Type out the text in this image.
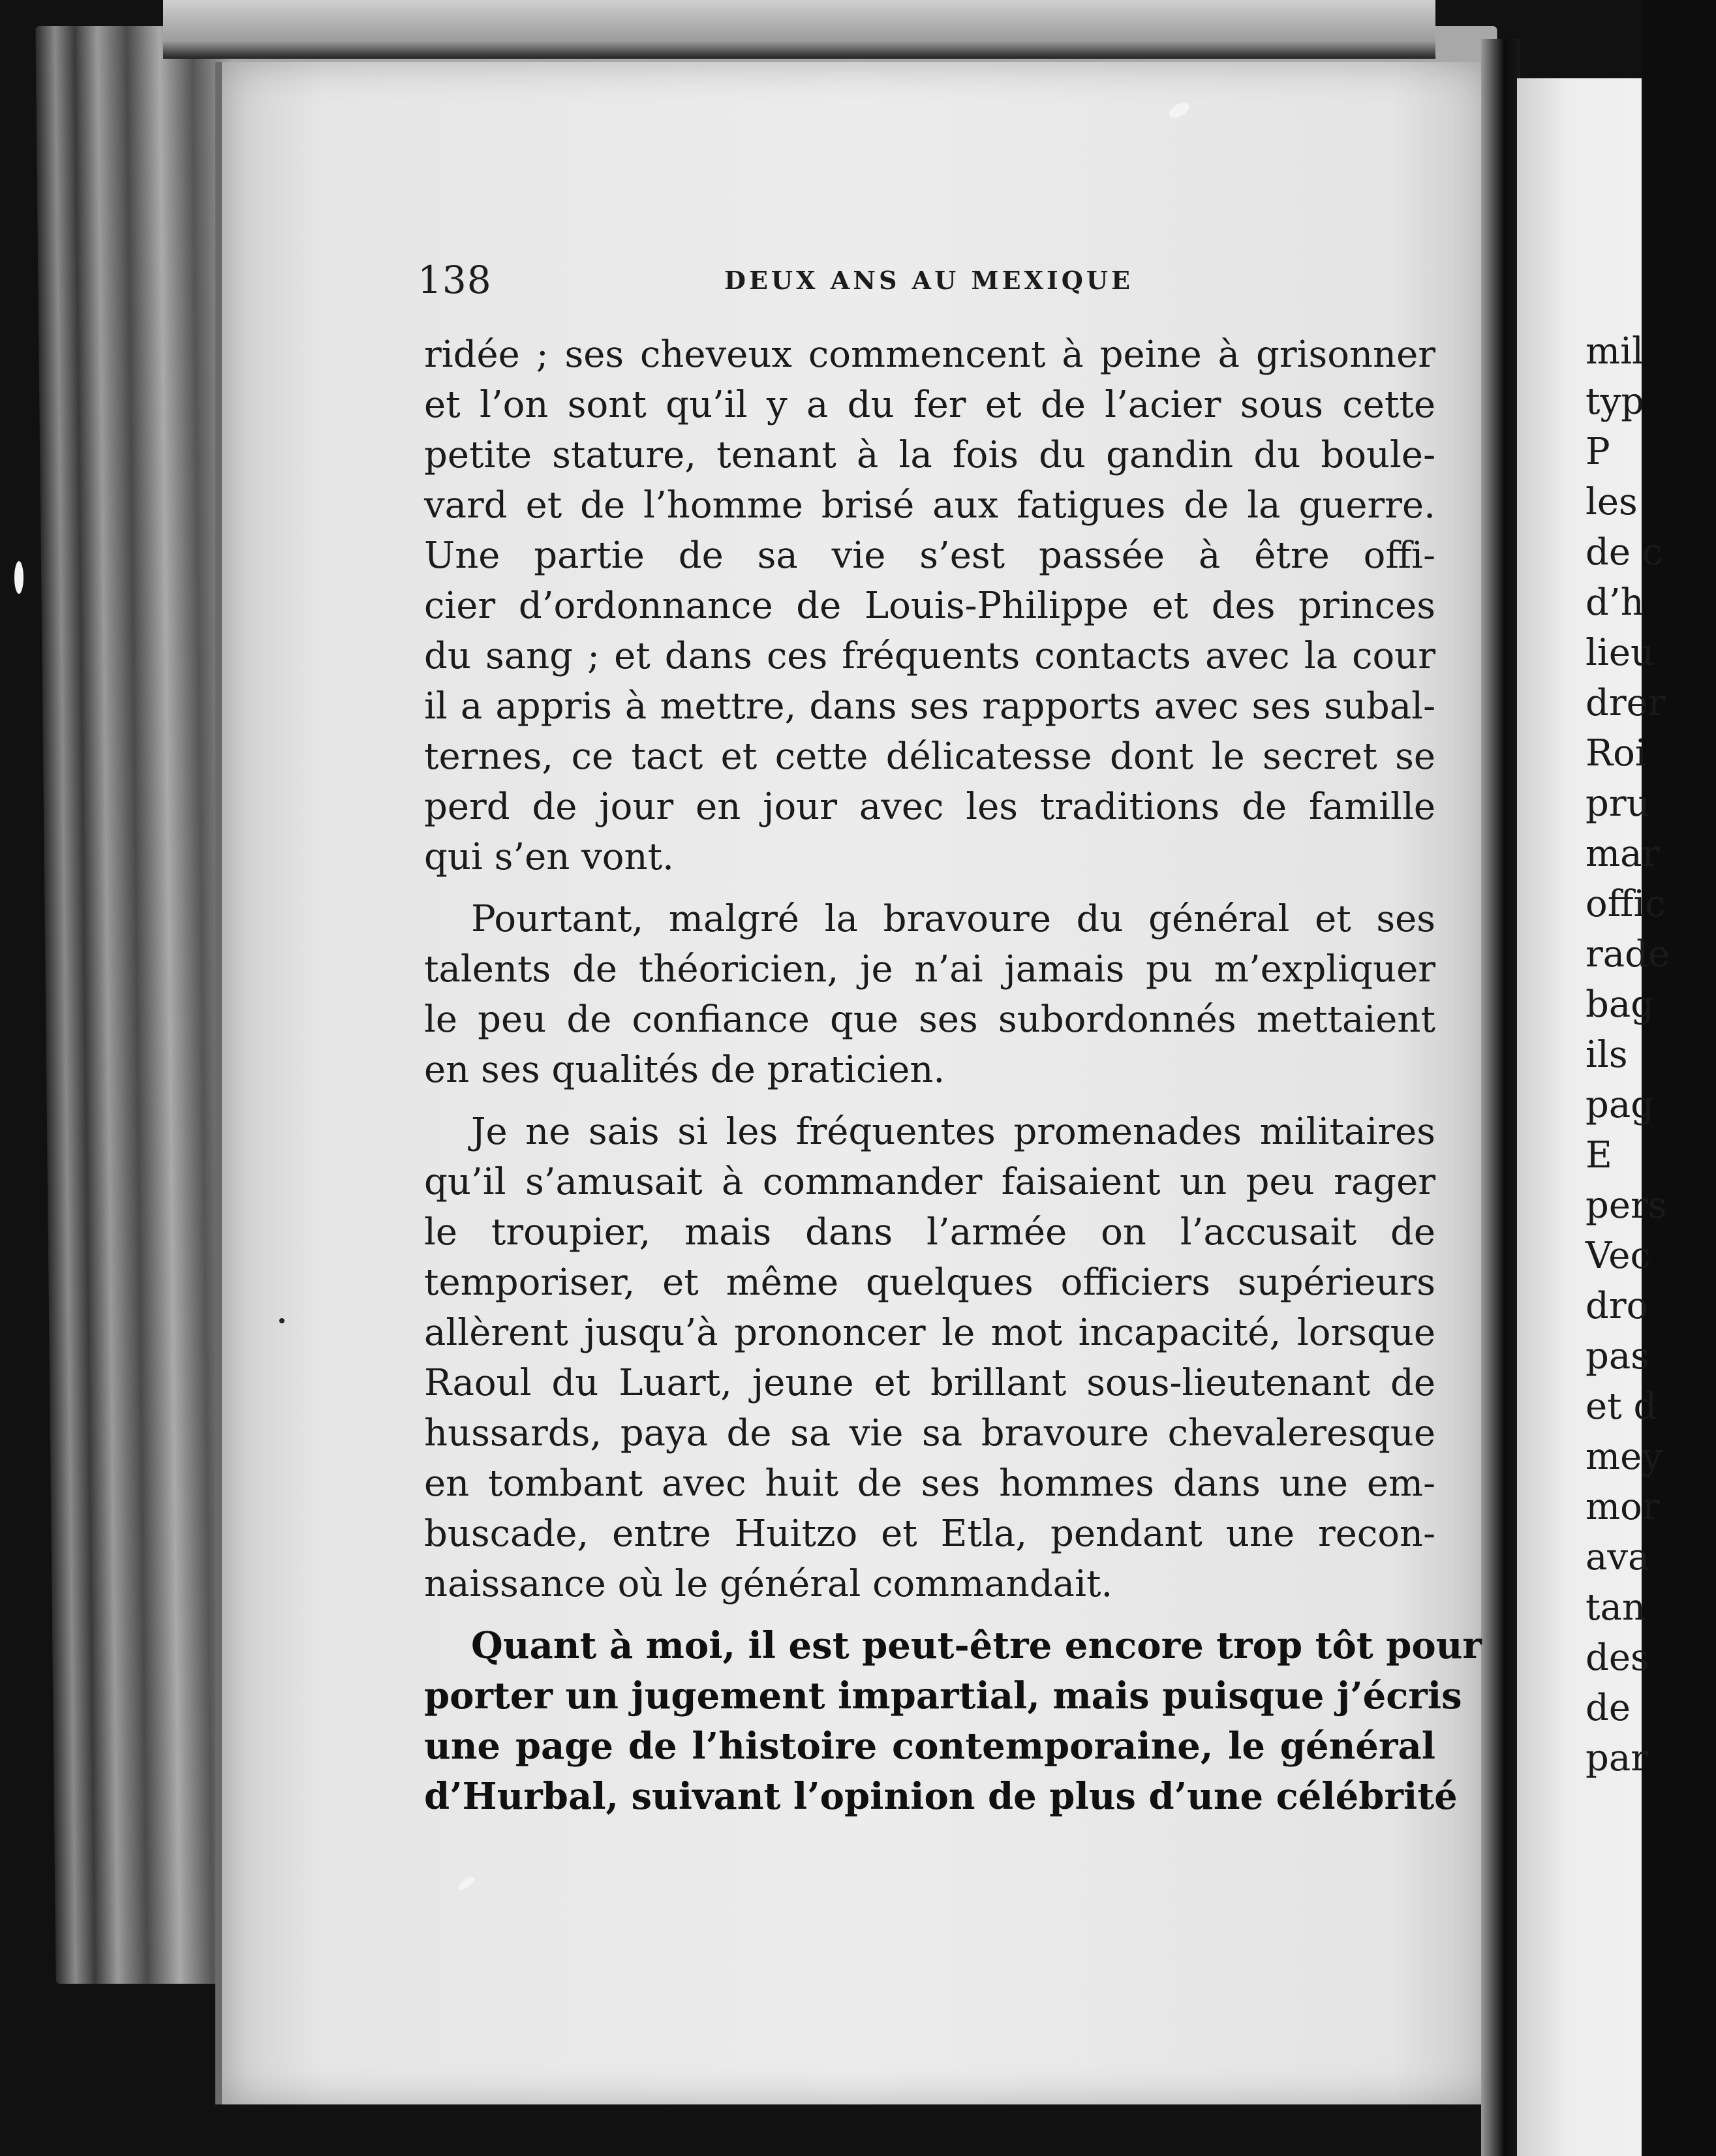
138	DEUX ANS AU MEXIQUE
ridée ; ses cheveux commencent à peine à grisonner
et l’on sont qu’il y a du fer et de l’acier sous cette
petite stature, tenant à la fois du gandin du boule-
vard et de l’homme brisé aux fatigues de la guerre.
Une partie de sa vie s’est passée à être offi-
cier d’ordonnance de Louis-Philippe et des princes
du sang ; et dans ces fréquents contacts avec la cour
il a appris à mettre, dans ses rapports avec ses subal-
ternes, ce tact et cette délicatesse dont le secret se
perd de jour en jour avec les traditions de famille
qui s’en vont.
Pourtant, malgré la bravoure du général et ses
talents de théoricien, je n’ai jamais pu m’expliquer
le peu de confiance que ses subordonnés mettaient
en ses qualités de praticien.
Je ne sais si les fréquentes promenades militaires
qu’il s’amusait à commander faisaient un peu rager
le troupier, mais dans l’armée on l’accusait de
temporiser, et même quelques officiers supérieurs
allèrent jusqu’à prononcer le mot incapacité, lorsque
Raoul du Luart, jeune et brillant sous-lieutenant de
hussards, paya de sa vie sa bravoure chevaleresque
en tombant avec huit de ses hommes dans une em-
buscade, entre Huitzo et Etla, pendant une recon-
naissance où le général commandait.
Quant à moi, il est peut-être encore trop tôt pour
porter un jugement impartial, mais puisque j’écris
une page de l’histoire contemporaine, le général
d’Hurbal, suivant l’opinion de plus d’une célébrité
mil
typ
P
les
de c
d’h
lieu
drer
Roi
pru
mar
offic
rade
bag
ils
pag
E
pers
Vec
dro
pas
et d
mey
mor
ava
tan
des
de
par
